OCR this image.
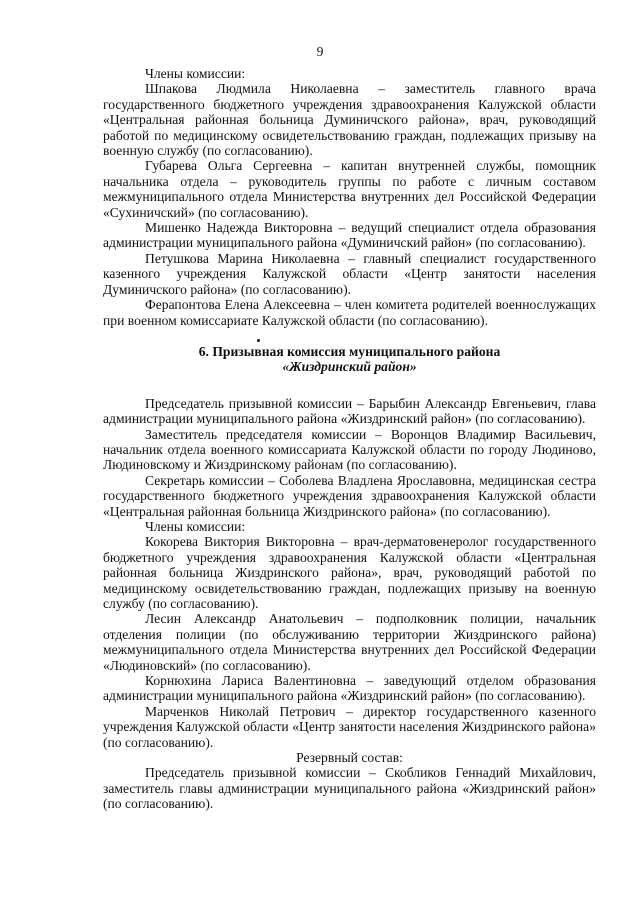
9

Члены комиссии:

Шпакова Людмила Николаевна – заместитель главного врача государственного бюджетного учреждения здравоохранения Калужской области «Центральная районная больница Думиничского района», врач, руководящий работой по медицинскому освидетельствованию граждан, подлежащих призыву на военную службу (по согласованию).

Губарева Ольга Сергеевна – капитан внутренней службы, помощник начальника отдела – руководитель группы по работе с личным составом межмуниципального отдела Министерства внутренних дел Российской Федерации «Сухиничский» (по согласованию).

Мишенко Надежда Викторовна – ведущий специалист отдела образования администрации муниципального района «Думиничский район» (по согласованию).

Петушкова Марина Николаевна – главный специалист государственного казенного учреждения Калужской области «Центр занятости населения Думиничского района» (по согласованию).

Ферапонтова Елена Алексеевна – член комитета родителей военнослужащих при военном комиссариате Калужской области (по согласованию).

6. Призывная комиссия муниципального района
«Жиздринский район»

Председатель призывной комиссии – Барыбин Александр Евгеньевич, глава администрации муниципального района «Жиздринский район» (по согласованию).

Заместитель председателя комиссии – Воронцов Владимир Васильевич, начальник отдела военного комиссариата Калужской области по городу Людиново, Людиновскому и Жиздринскому районам (по согласованию).

Секретарь комиссии – Соболева Владлена Ярославовна, медицинская сестра государственного бюджетного учреждения здравоохранения Калужской области «Центральная районная больница Жиздринского района» (по согласованию).

Члены комиссии:

Кокорева Виктория Викторовна – врач-дерматовенеролог государственного бюджетного учреждения здравоохранения Калужской области «Центральная районная больница Жиздринского района», врач, руководящий работой по медицинскому освидетельствованию граждан, подлежащих призыву на военную службу (по согласованию).

Лесин Александр Анатольевич – подполковник полиции, начальник отделения полиции (по обслуживанию территории Жиздринского района) межмуниципального отдела Министерства внутренних дел Российской Федерации «Людиновский» (по согласованию).

Корнюхина Лариса Валентиновна – заведующий отделом образования администрации муниципального района «Жиздринский район» (по согласованию).

Марченков Николай Петрович – директор государственного казенного учреждения Калужской области «Центр занятости населения Жиздринского района» (по согласованию).

Резервный состав:

Председатель призывной комиссии – Скобликов Геннадий Михайлович, заместитель главы администрации муниципального района «Жиздринский район» (по согласованию).
